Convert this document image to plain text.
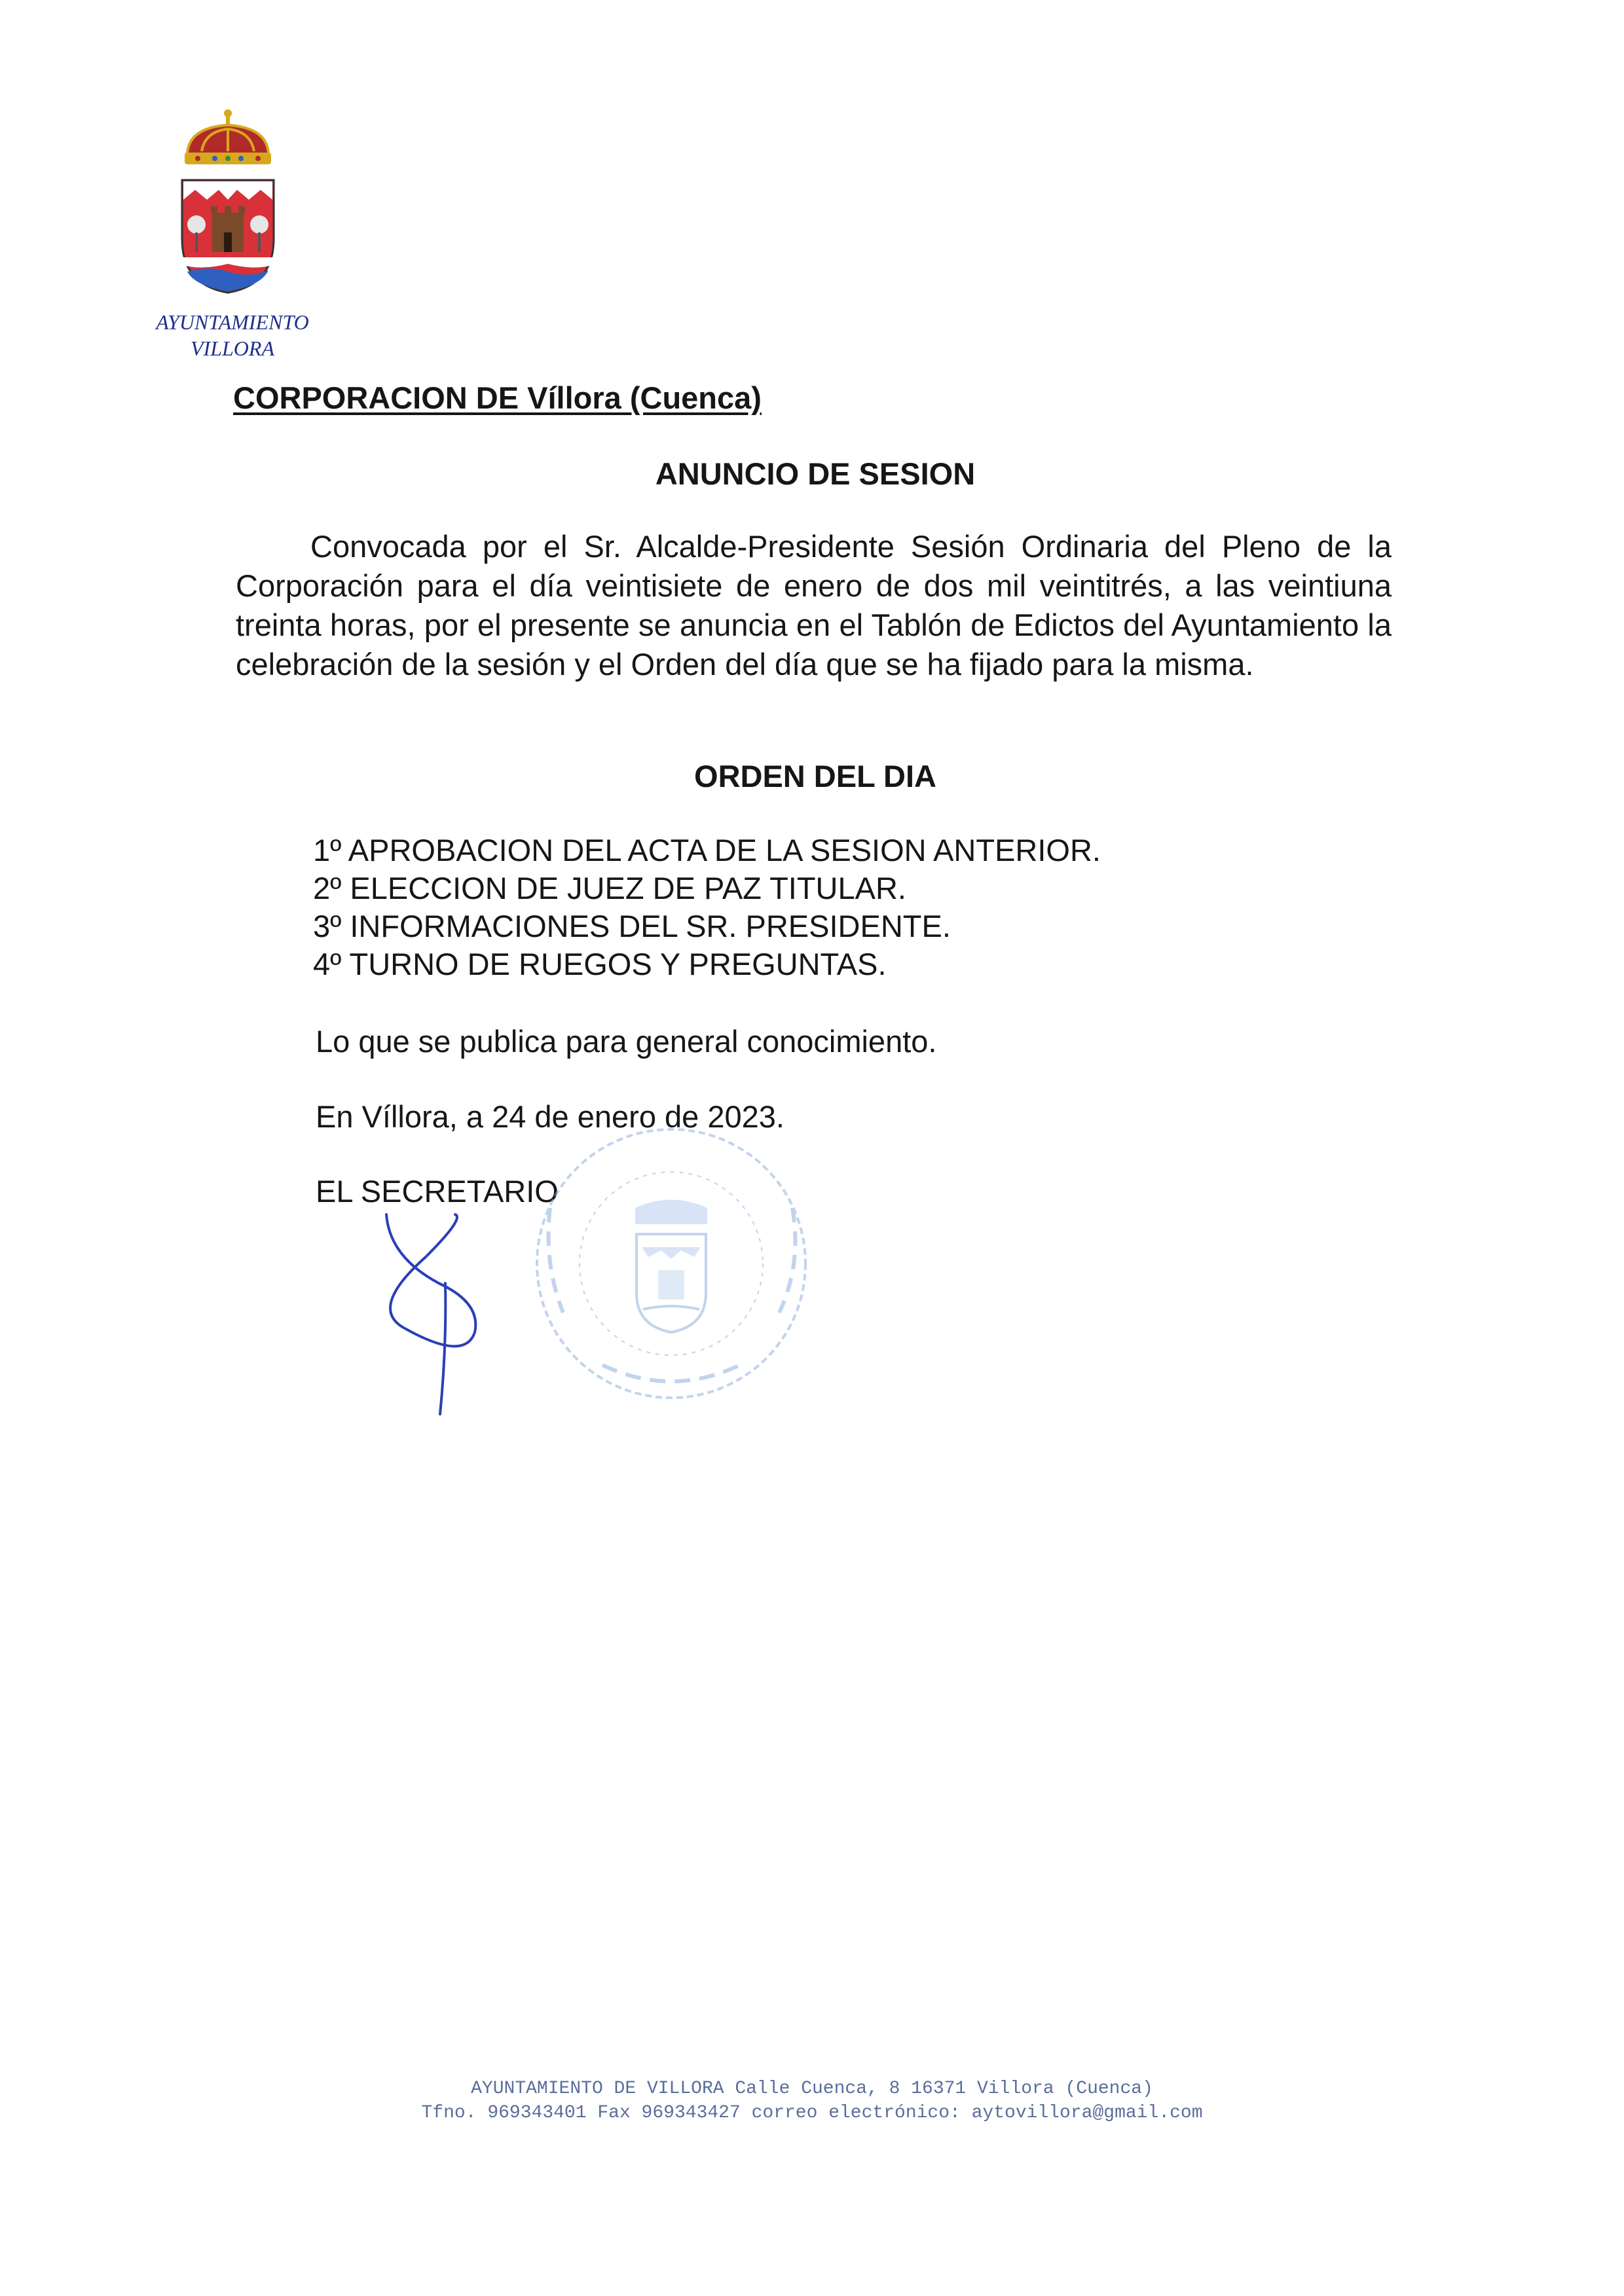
AYUNTAMIENTO
VILLORA
CORPORACION DE Víllora (Cuenca)
ANUNCIO DE SESION

Convocada por el Sr. Alcalde-Presidente Sesión Ordinaria del Pleno de la Corporación para el día veintisiete de enero de dos mil veintitrés, a las veintiuna treinta horas, por el presente se anuncia en el Tablón de Edictos del Ayuntamiento la celebración de la sesión y el Orden del día que se ha fijado para la misma.

ORDEN DEL DIA
1º APROBACION DEL ACTA DE LA SESION ANTERIOR.
2º ELECCION DE JUEZ DE PAZ TITULAR.
3º INFORMACIONES DEL SR. PRESIDENTE.
4º TURNO DE RUEGOS Y PREGUNTAS.
Lo que se publica para general conocimiento.
En Víllora, a 24 de enero de 2023.
EL SECRETARIO
AYUNTAMIENTO DE VILLORA Calle Cuenca, 8 16371 Villora (Cuenca)
Tfno. 969343401 Fax 969343427 correo electrónico: aytovillora@gmail.com
